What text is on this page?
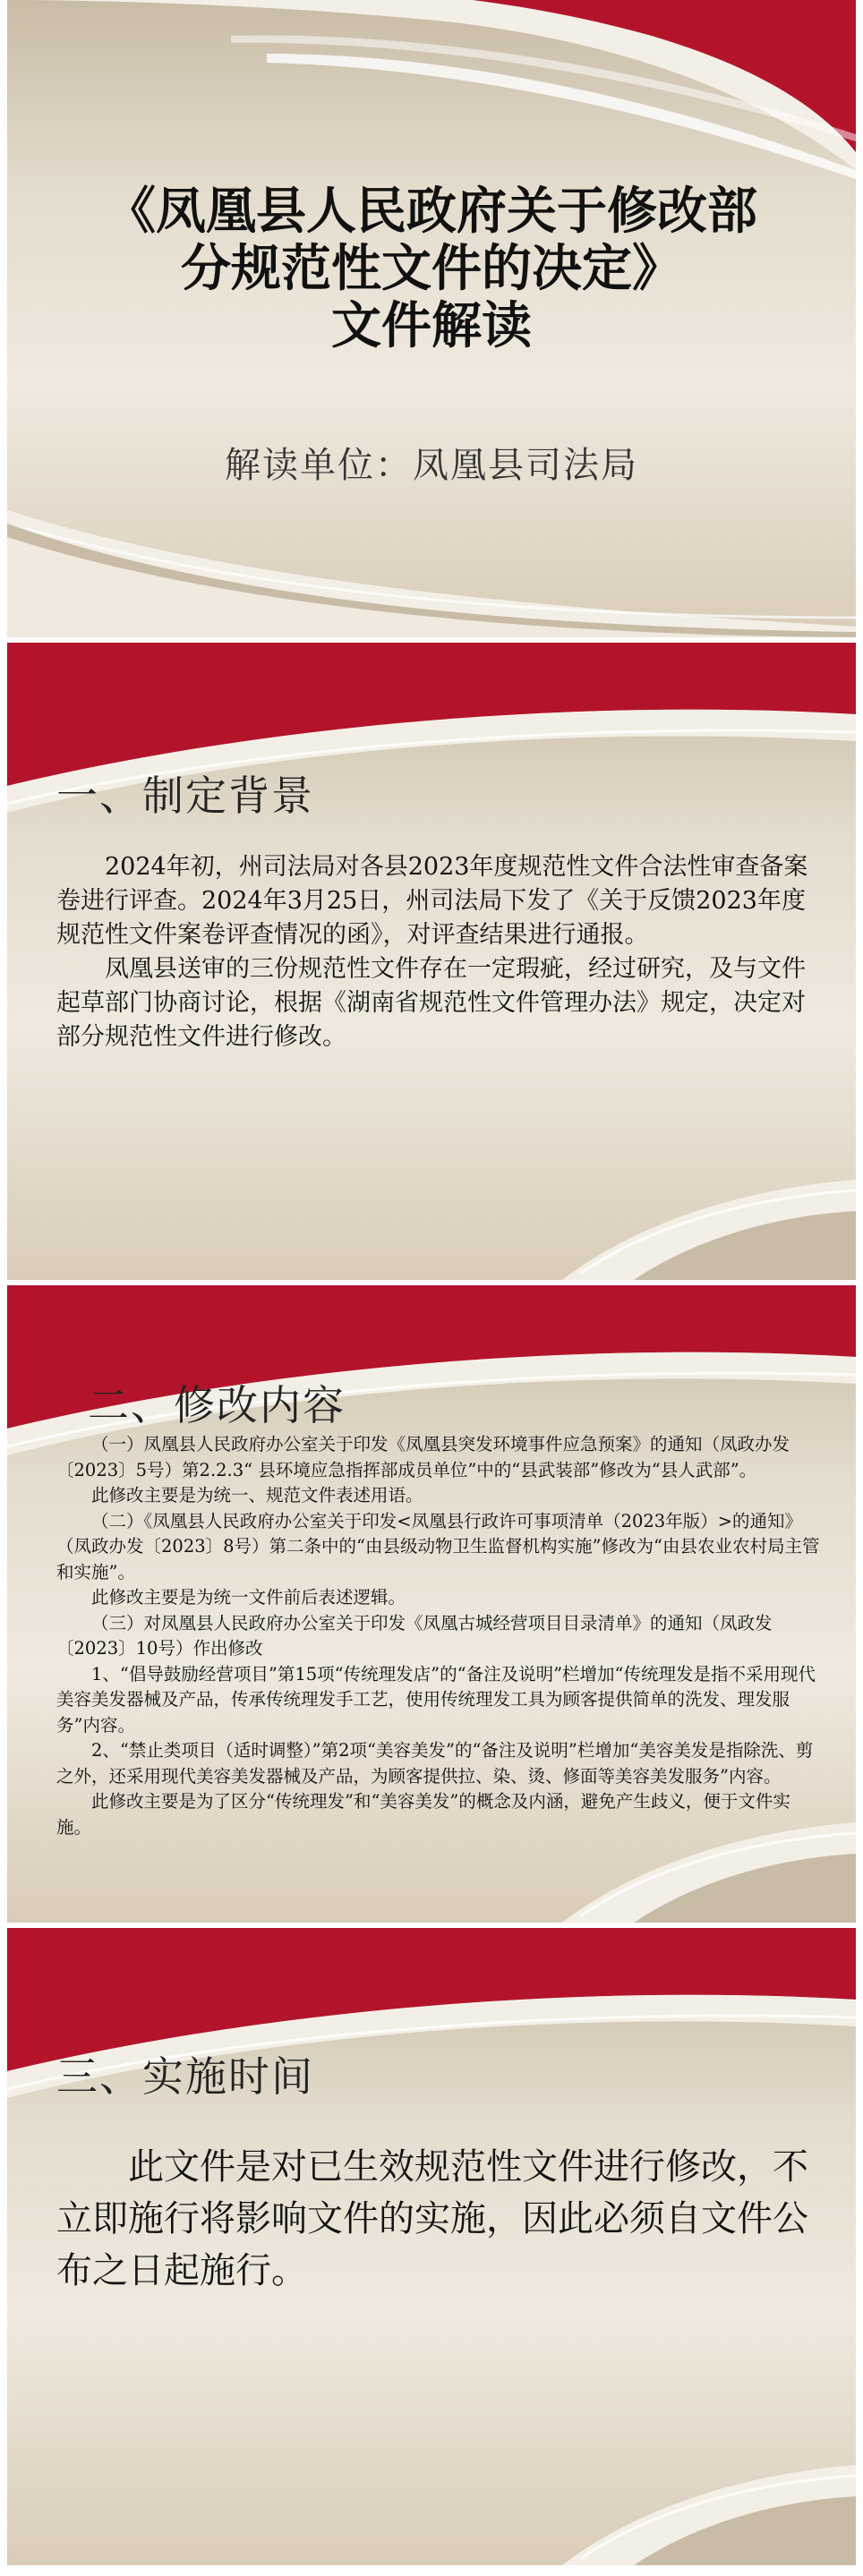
《凤凰县人民政府关于修改部
分规范性文件的决定》
文件解读
解读单位：凤凰县司法局
一、制定背景

2024年初，州司法局对各县2023年度规范性文件合法性审查备案卷进行评查。2024年3月25日，州司法局下发了《关于反馈2023年度规范性文件案卷评查情况的函》，对评查结果进行通报。

凤凰县送审的三份规范性文件存在一定瑕疵，经过研究，及与文件起草部门协商讨论，根据《湖南省规范性文件管理办法》规定，决定对部分规范性文件进行修改。

二、修改内容

（一）凤凰县人民政府办公室关于印发《凤凰县突发环境事件应急预案》的通知（凤政办发〔2023〕5号）第2.2.3“ 县环境应急指挥部成员单位”中的“县武装部”修改为“县人武部”。

此修改主要是为统一、规范文件表述用语。

（二）《凤凰县人民政府办公室关于印发<凤凰县行政许可事项清单（2023年版）>的通知》（凤政办发〔2023〕8号）第二条中的“由县级动物卫生监督机构实施”修改为“由县农业农村局主管和实施”。

此修改主要是为统一文件前后表述逻辑。

（三）对凤凰县人民政府办公室关于印发《凤凰古城经营项目目录清单》的通知（凤政发〔2023〕10号）作出修改

1、“倡导鼓励经营项目”第15项“传统理发店”的“备注及说明”栏增加“传统理发是指不采用现代美容美发器械及产品，传承传统理发手工艺，使用传统理发工具为顾客提供简单的洗发、理发服务”内容。

2、“禁止类项目（适时调整）”第2项“美容美发”的“备注及说明”栏增加“美容美发是指除洗、剪之外，还采用现代美容美发器械及产品，为顾客提供拉、染、烫、修面等美容美发服务”内容。

此修改主要是为了区分“传统理发”和“美容美发”的概念及内涵，避免产生歧义，便于文件实施。

三、实施时间

此文件是对已生效规范性文件进行修改，不立即施行将影响文件的实施，因此必须自文件公布之日起施行。
